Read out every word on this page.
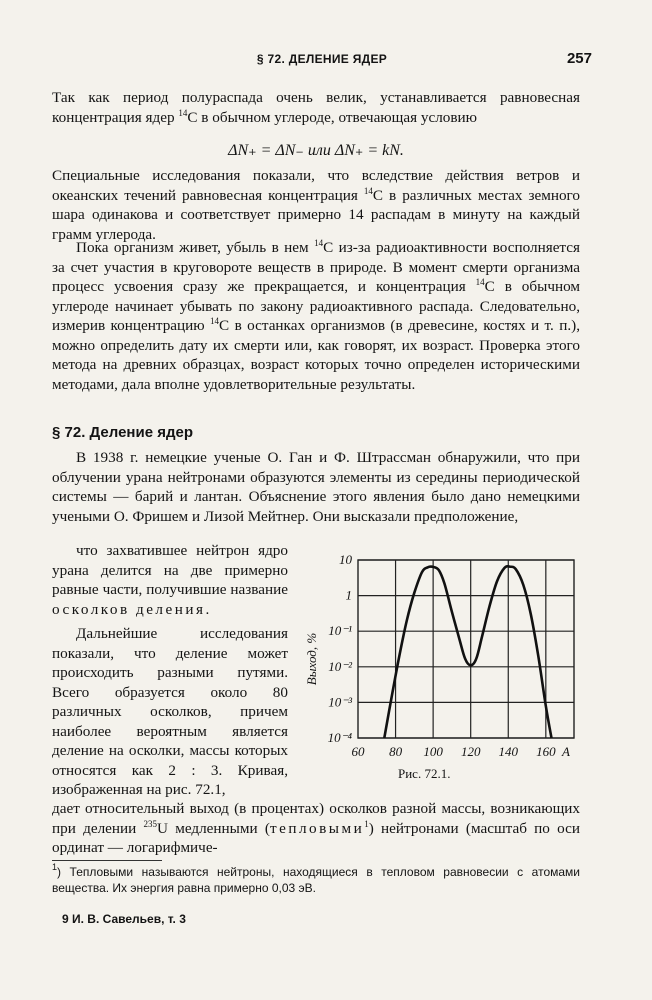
§ 72. ДЕЛЕНИЕ ЯДЕР	257

Так как период полураспада очень велик, устанавливается равновесная концентрация ядер $^{14}$C в обычном углероде, отвечающая условию

ΔN₊ = ΔN₋ или ΔN₊ = kN.

Специальные исследования показали, что вследствие действия ветров и океанских течений равновесная концентрация $^{14}$C в различных местах земного шара одинакова и соответствует примерно 14 распадам в минуту на каждый грамм углерода.

Пока организм живет, убыль в нем $^{14}$C из-за радиоактивности восполняется за счет участия в круговороте веществ в природе. В момент смерти организма процесс усвоения сразу же прекращается, и концентрация $^{14}$C в обычном углероде начинает убывать по закону радиоактивного распада. Следовательно, измерив концентрацию $^{14}$C в останках организмов (в древесине, костях и т. п.), можно определить дату их смерти или, как говорят, их возраст. Проверка этого метода на древних образцах, возраст которых точно определен историческими методами, дала вполне удовлетворительные результаты.

§ 72. Деление ядер

В 1938 г. немецкие ученые О. Ган и Ф. Штрассман обнаружили, что при облучении урана нейтронами образуются элементы из середины периодической системы — барий и лантан. Объяснение этого явления было дано немецкими учеными О. Фришем и Лизой Мейтнер. Они высказали предположение,

что захватившее нейтрон ядро урана делится на две примерно равные части, получившие название осколков деления.

Дальнейшие исследования показали, что деление может происходить разными путями. Всего образуется около 80 различных осколков, причем наиболее вероятным является деление на осколки, массы которых относятся как 2 : 3. Кривая, изображенная на рис. 72.1,

10
1
10⁻¹
10⁻²
10⁻³
10⁻⁴
60 80 100 120 140 160
Выход, %
A
Рис. 72.1.

дает относительный выход (в процентах) осколков разной массы, возникающих при делении $^{235}$U медленными (тепловыми$^1$) нейтронами (масштаб по оси ординат — логарифмиче-

$^1$) Тепловыми называются нейтроны, находящиеся в тепловом равновесии с атомами вещества. Их энергия равна примерно 0,03 эВ.
9 И. В. Савельев, т. 3
